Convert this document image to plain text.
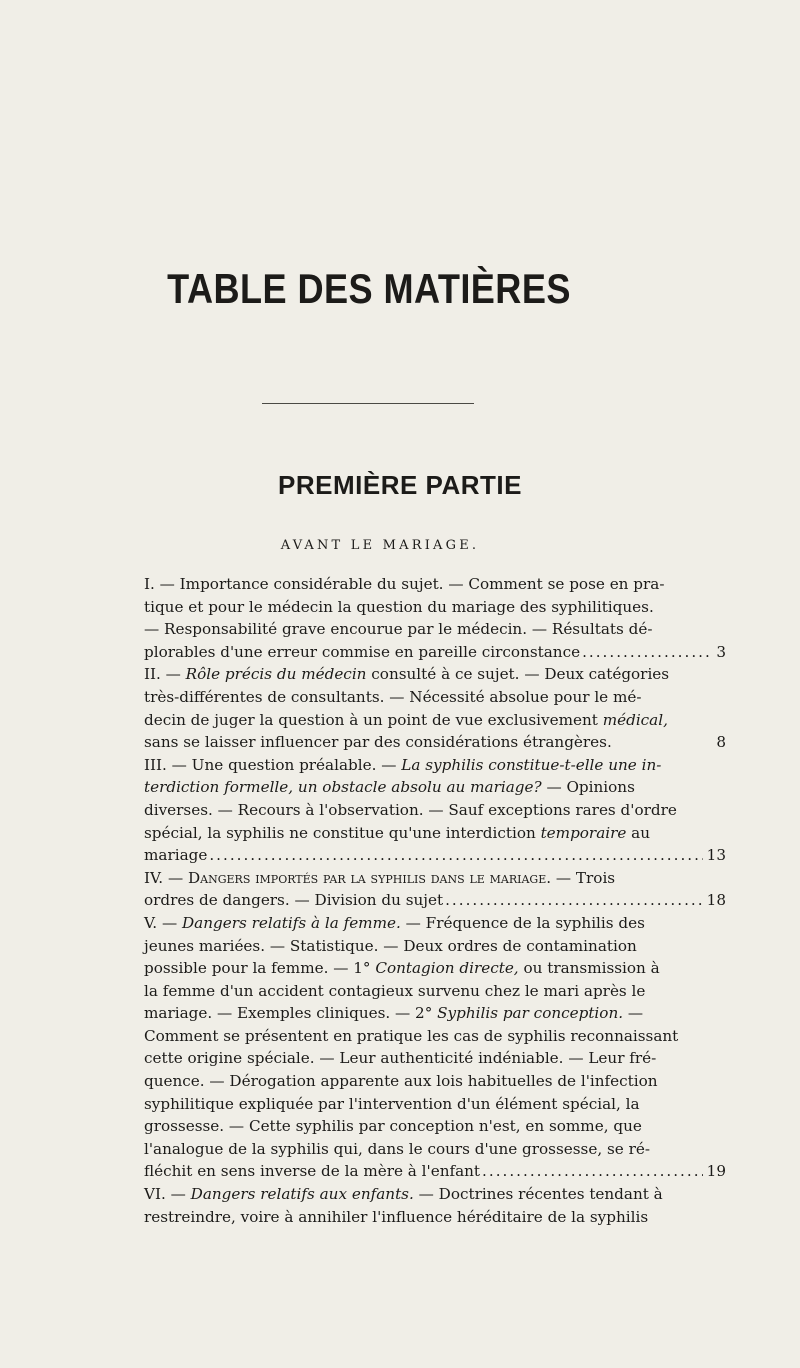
TABLE DES MATIÈRES
PREMIÈRE PARTIE
AVANT LE MARIAGE.
I. — Importance considérable du sujet. — Comment se pose en pra-
tique et pour le médecin la question du mariage des syphilitiques.
— Responsabilité grave encourue par le médecin. — Résultats dé-
plorables d'une erreur commise en pareille circonstance .....	3
II. — Rôle précis du médecin consulté à ce sujet. — Deux catégories
très-différentes de consultants. — Nécessité absolue pour le mé-
decin de juger la question à un point de vue exclusivement médical,
sans se laisser influencer par des considérations étrangères.	8
III. — Une question préalable. — La syphilis constitue-t-elle une in-
terdiction formelle, un obstacle absolu au mariage? — Opinions
diverses. — Recours à l'observation. — Sauf exceptions rares d'ordre
spécial, la syphilis ne constitue qu'une interdiction temporaire au
mariage .....	13
IV. — Dangers importés par la syphilis dans le mariage. — Trois
ordres de dangers. — Division du sujet .....	18
V. — Dangers relatifs à la femme. — Fréquence de la syphilis des
jeunes mariées. — Statistique. — Deux ordres de contamination
possible pour la femme. — 1° Contagion directe, ou transmission à
la femme d'un accident contagieux survenu chez le mari après le
mariage. — Exemples cliniques. — 2° Syphilis par conception. —
Comment se présentent en pratique les cas de syphilis reconnaissant
cette origine spéciale. — Leur authenticité indéniable. — Leur fré-
quence. — Dérogation apparente aux lois habituelles de l'infection
syphilitique expliquée par l'intervention d'un élément spécial, la
grossesse. — Cette syphilis par conception n'est, en somme, que
l'analogue de la syphilis qui, dans le cours d'une grossesse, se ré-
fléchit en sens inverse de la mère à l'enfant .....	19
VI. — Dangers relatifs aux enfants. — Doctrines récentes tendant à
restreindre, voire à annihiler l'influence héréditaire de la syphilis
